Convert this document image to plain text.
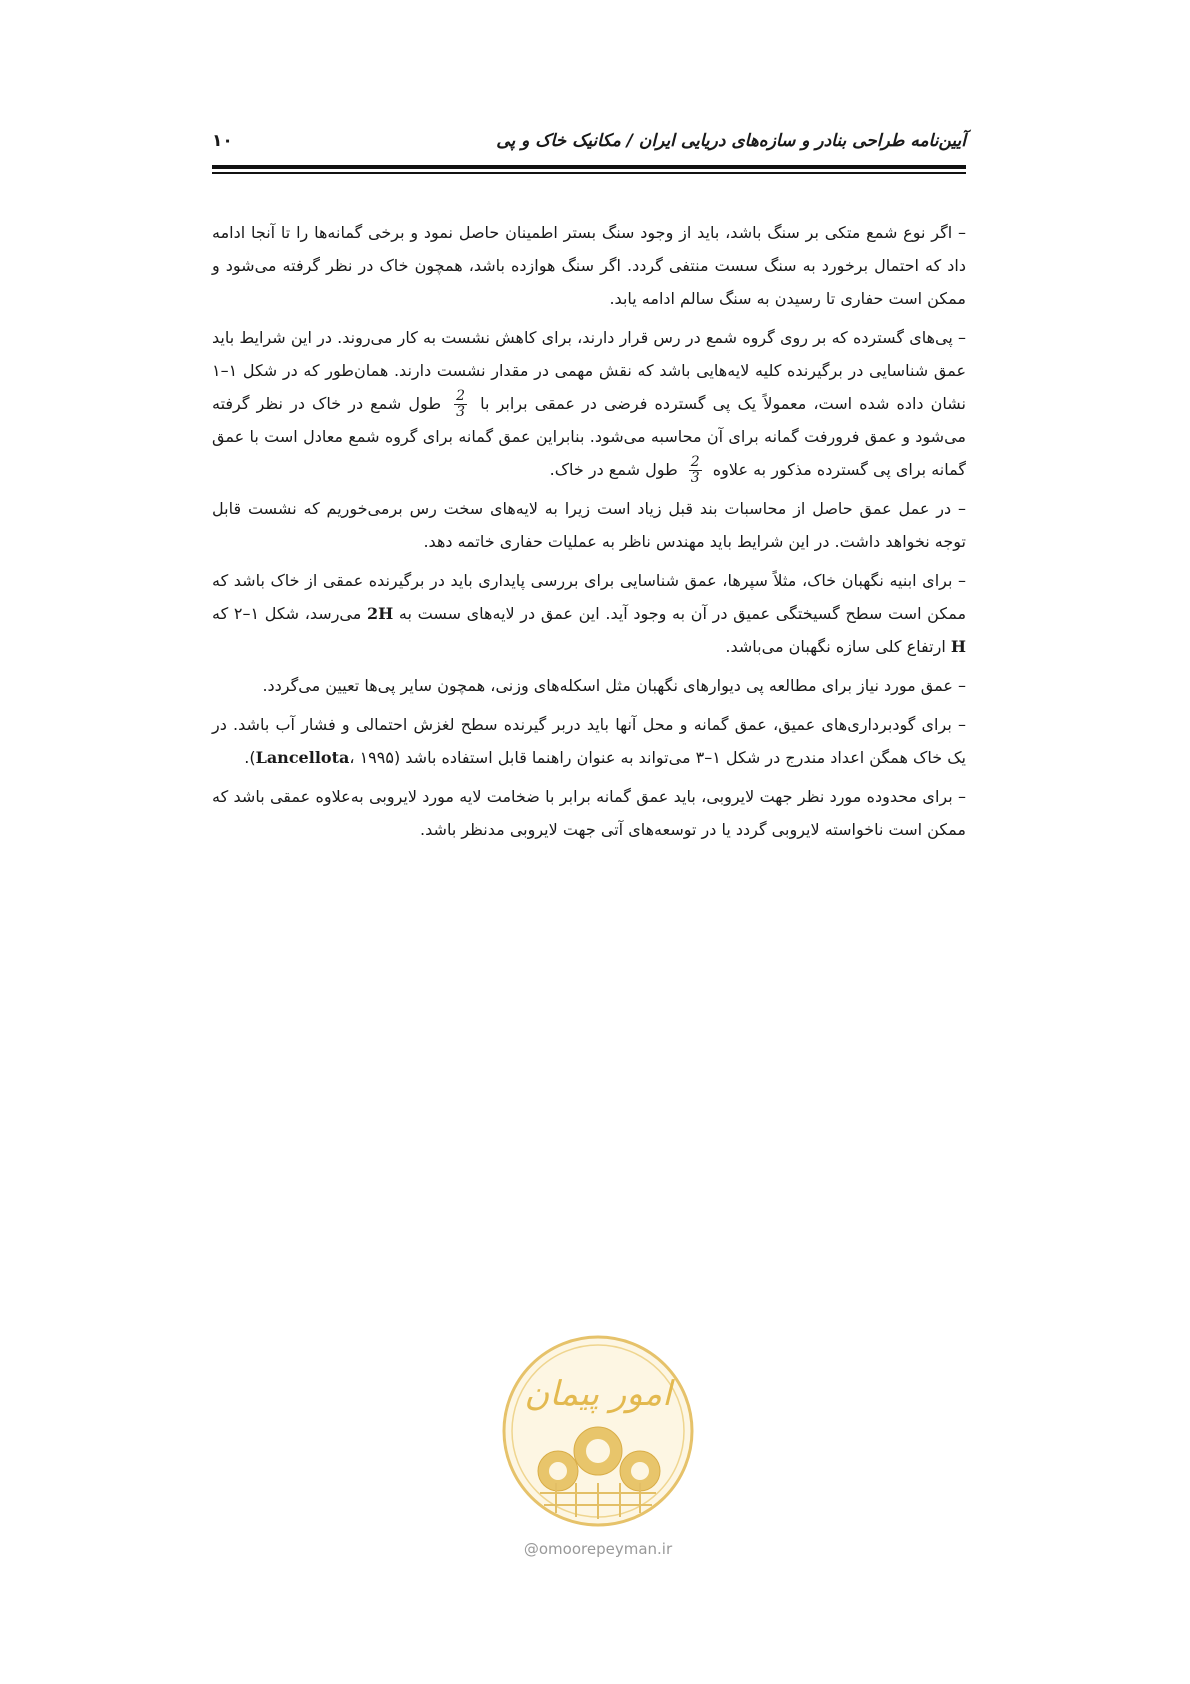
آیین‌نامه طراحی بنادر و سازه‌های دریایی ایران / مکانیک خاک و پی
۱۰

– اگر نوع شمع متکی بر سنگ باشد، باید از وجود سنگ بستر اطمینان حاصل نمود و برخی گمانه‌ها را تا آنجا ادامه داد که احتمال برخورد به سنگ سست منتفی گردد. اگر سنگ هوازده باشد، همچون خاک در نظر گرفته می‌شود و ممکن است حفاری تا رسیدن به سنگ سالم ادامه یابد.

– پی‌های گسترده که بر روی گروه شمع در رس قرار دارند، برای کاهش نشست به کار می‌روند. در این شرایط باید عمق شناسایی در برگیرنده کلیه لایه‌هایی باشد که نقش مهمی در مقدار نشست دارند. همان‌طور که در شکل ۱–۱ نشان داده شده است، معمولاً یک پی گسترده فرضی در عمقی برابر با
$\frac{2}{3}$
طول شمع در خاک در نظر گرفته می‌شود و عمق فرورفت گمانه برای آن محاسبه می‌شود. بنابراین عمق گمانه برای گروه شمع معادل است با عمق گمانه برای پی گسترده مذکور به علاوه
$\frac{2}{3}$
طول شمع در خاک.

– در عمل عمق حاصل از محاسبات بند قبل زیاد است زیرا به لایه‌های سخت رس برمی‌خوریم که نشست قابل توجه نخواهد داشت. در این شرایط باید مهندس ناظر به عملیات حفاری خاتمه دهد.

– برای ابنیه نگهبان خاک، مثلاً سپرها، عمق شناسایی برای بررسی پایداری باید در برگیرنده عمقی از خاک باشد که ممکن است سطح گسیختگی عمیق در آن به وجود آید. این عمق در لایه‌های سست به 2H می‌رسد، شکل ۱–۲ که H ارتفاع کلی سازه نگهبان می‌باشد.

– عمق مورد نیاز برای مطالعه پی دیوارهای نگهبان مثل اسکله‌های وزنی، همچون سایر پی‌ها تعیین می‌گردد.

– برای گودبرداری‌های عمیق، عمق گمانه و محل آنها باید دربر گیرنده سطح لغزش احتمالی و فشار آب باشد. در یک خاک همگن اعداد مندرج در شکل ۱–۳ می‌تواند به عنوان راهنما قابل استفاده باشد (Lancellota، ۱۹۹۵).

– برای محدوده مورد نظر جهت لایروبی، باید عمق گمانه برابر با ضخامت لایه مورد لایروبی به‌علاوه عمقی باشد که ممکن است ناخواسته لایروبی گردد یا در توسعه‌های آتی جهت لایروبی مدنظر باشد.

امور پیمان
@omoorepeyman.ir
